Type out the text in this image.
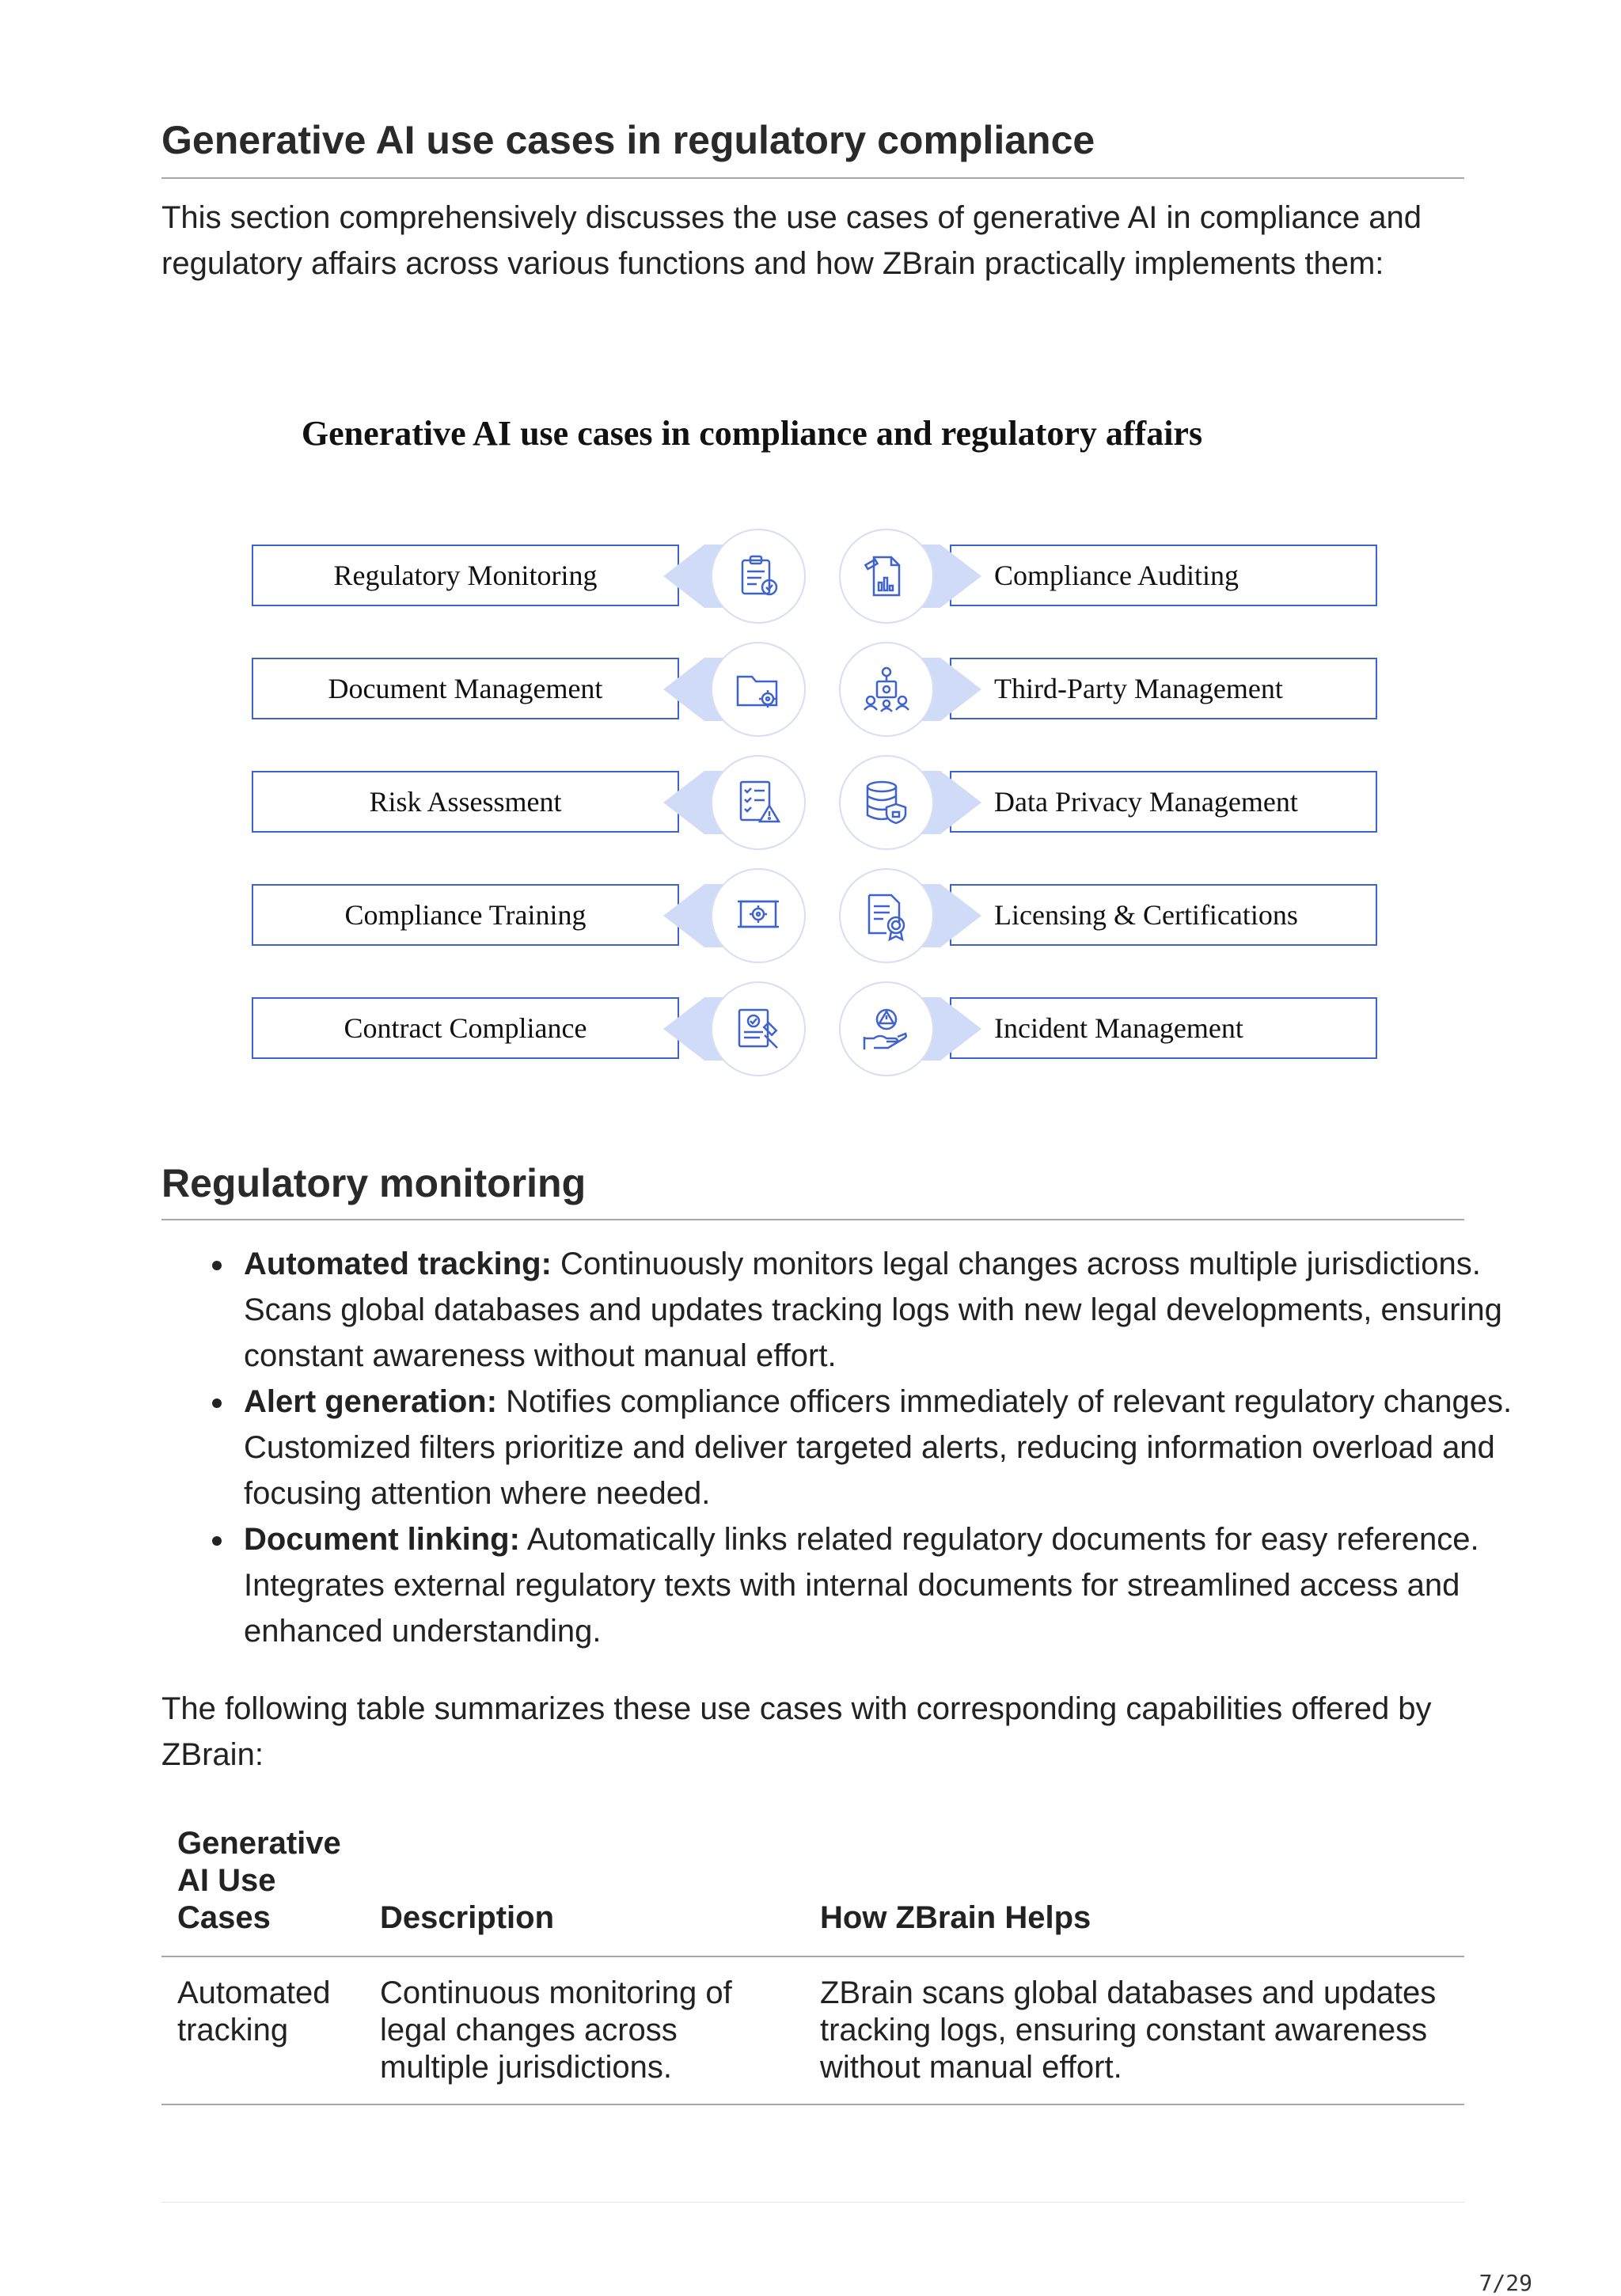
Generative AI use cases in regulatory compliance

This section comprehensively discusses the use cases of generative AI in compliance and regulatory affairs across various functions and how ZBrain practically implements them:

Generative AI use cases in compliance and regulatory affairs
Regulatory Monitoring
Document Management
Risk Assessment
Compliance Training
Contract Compliance
Compliance Auditing
Third-Party Management
Data Privacy Management
Licensing & Certifications
Incident Management
Regulatory monitoring
Automated tracking: Continuously monitors legal changes across multiple jurisdictions. Scans global databases and updates tracking logs with new legal developments, ensuring constant awareness without manual effort.
Alert generation: Notifies compliance officers immediately of relevant regulatory changes. Customized filters prioritize and deliver targeted alerts, reducing information overload and focusing attention where needed.
Document linking: Automatically links related regulatory documents for easy reference. Integrates external regulatory texts with internal documents for streamlined access and enhanced understanding.

The following table summarizes these use cases with corresponding capabilities offered by ZBrain:

Generative AI Use Cases	Description	How ZBrain Helps
Automated tracking	Continuous monitoring of legal changes across multiple jurisdictions.	ZBrain scans global databases and updates tracking logs, ensuring constant awareness without manual effort.
7/29
